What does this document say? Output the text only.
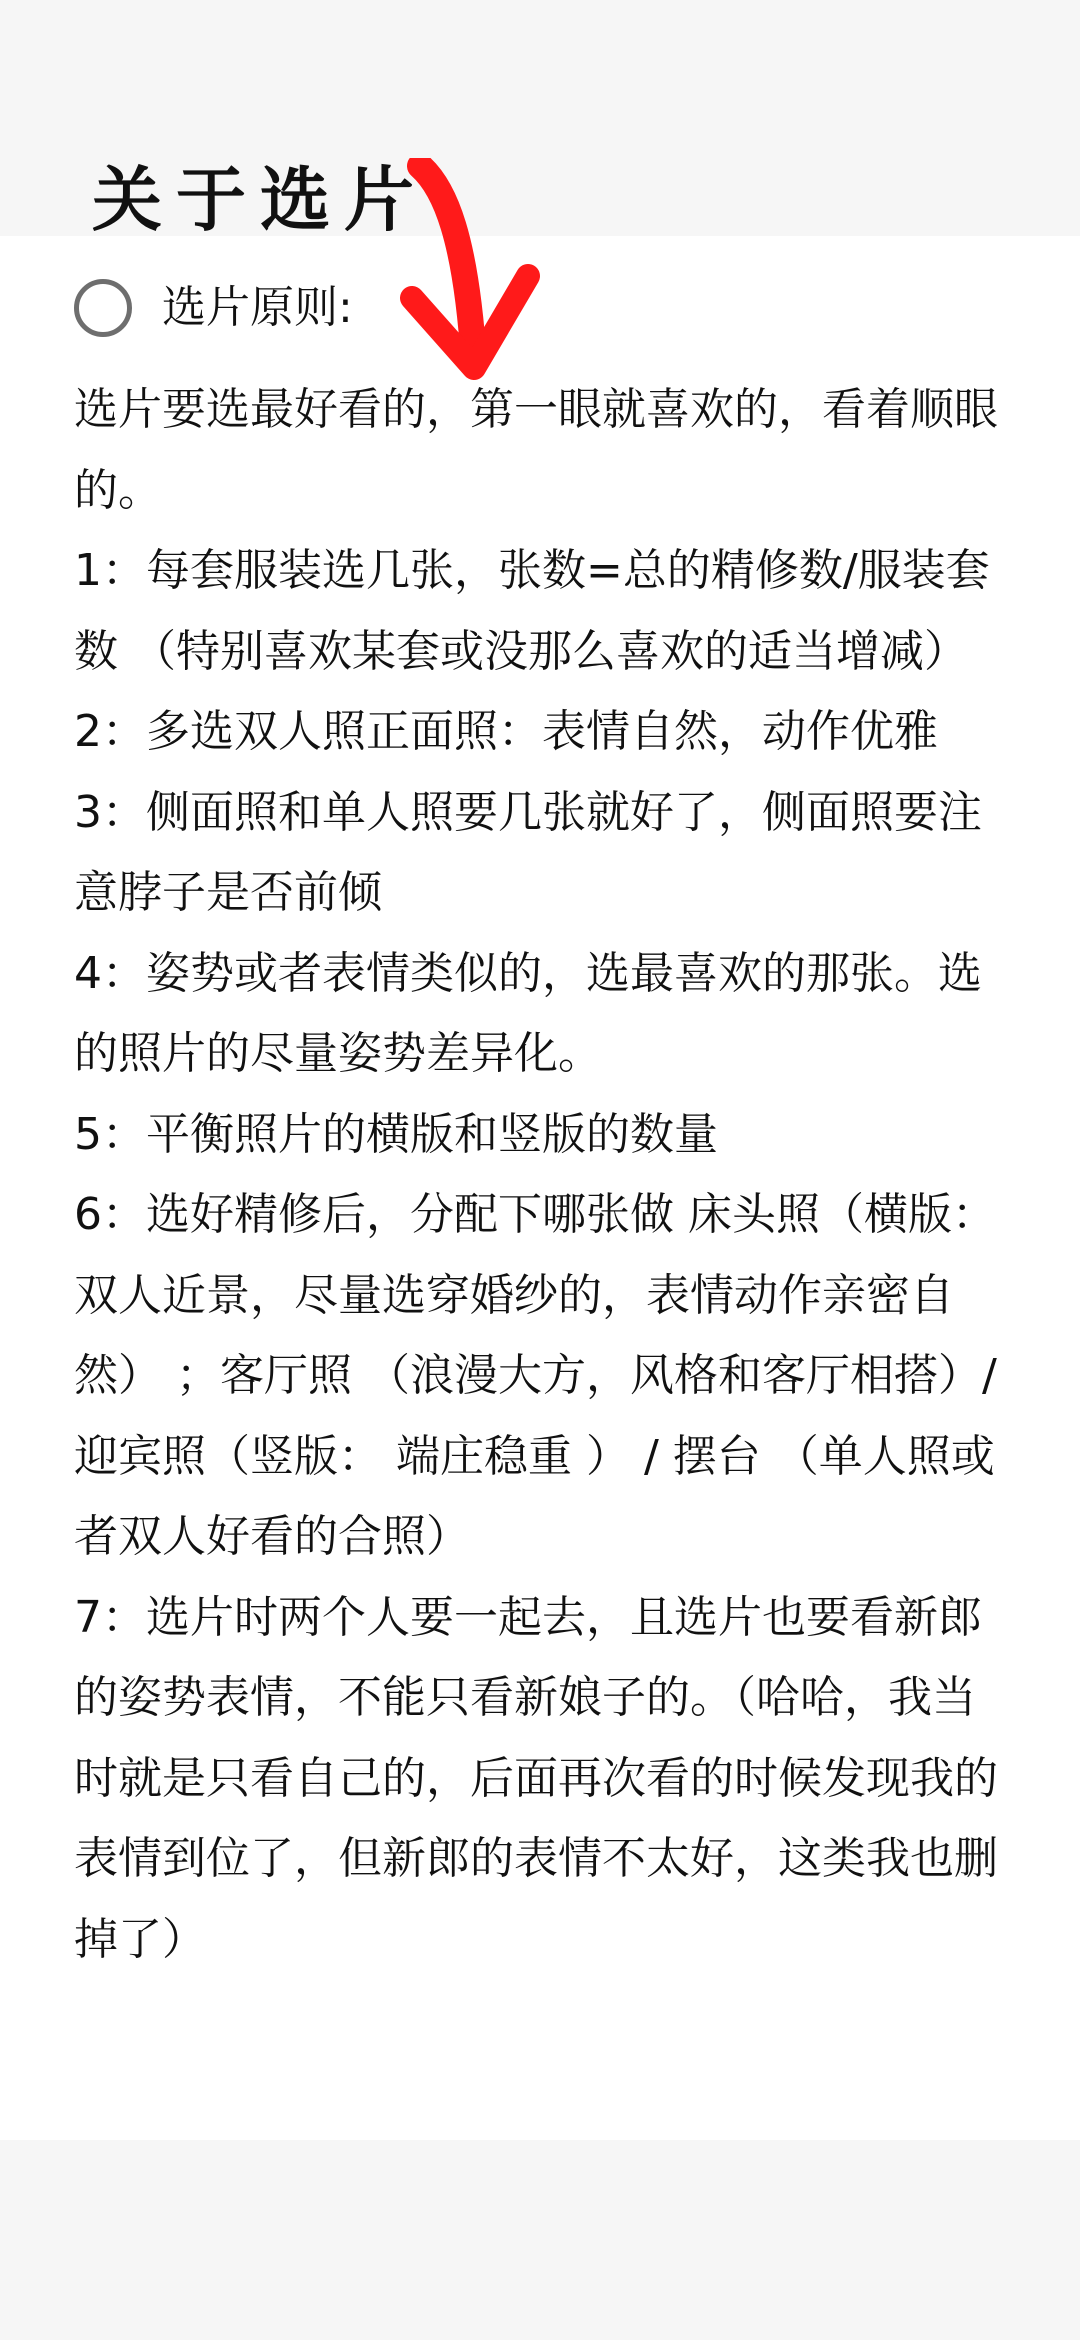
关于选片
选片原则:

选片要选最好看的，第一眼就喜欢的，看着顺眼的。

1：每套服装选几张，张数=总的精修数/服装套数 （特别喜欢某套或没那么喜欢的适当增减）

2：多选双人照正面照：表情自然，动作优雅

3：侧面照和单人照要几张就好了，侧面照要注意脖子是否前倾

4：姿势或者表情类似的，选最喜欢的那张。选的照片的尽量姿势差异化。

5：平衡照片的横版和竖版的数量

6：选好精修后，分配下哪张做 床头照（横版：双人近景，尽量选穿婚纱的，表情动作亲密自然） ；客厅照 （浪漫大方，风格和客厅相搭）/ 迎宾照（竖版： 端庄稳重 ） / 摆台 （单人照或者双人好看的合照）

7：选片时两个人要一起去，且选片也要看新郎的姿势表情，不能只看新娘子的。（哈哈，我当时就是只看自己的，后面再次看的时候发现我的表情到位了，但新郎的表情不太好，这类我也删掉了）
